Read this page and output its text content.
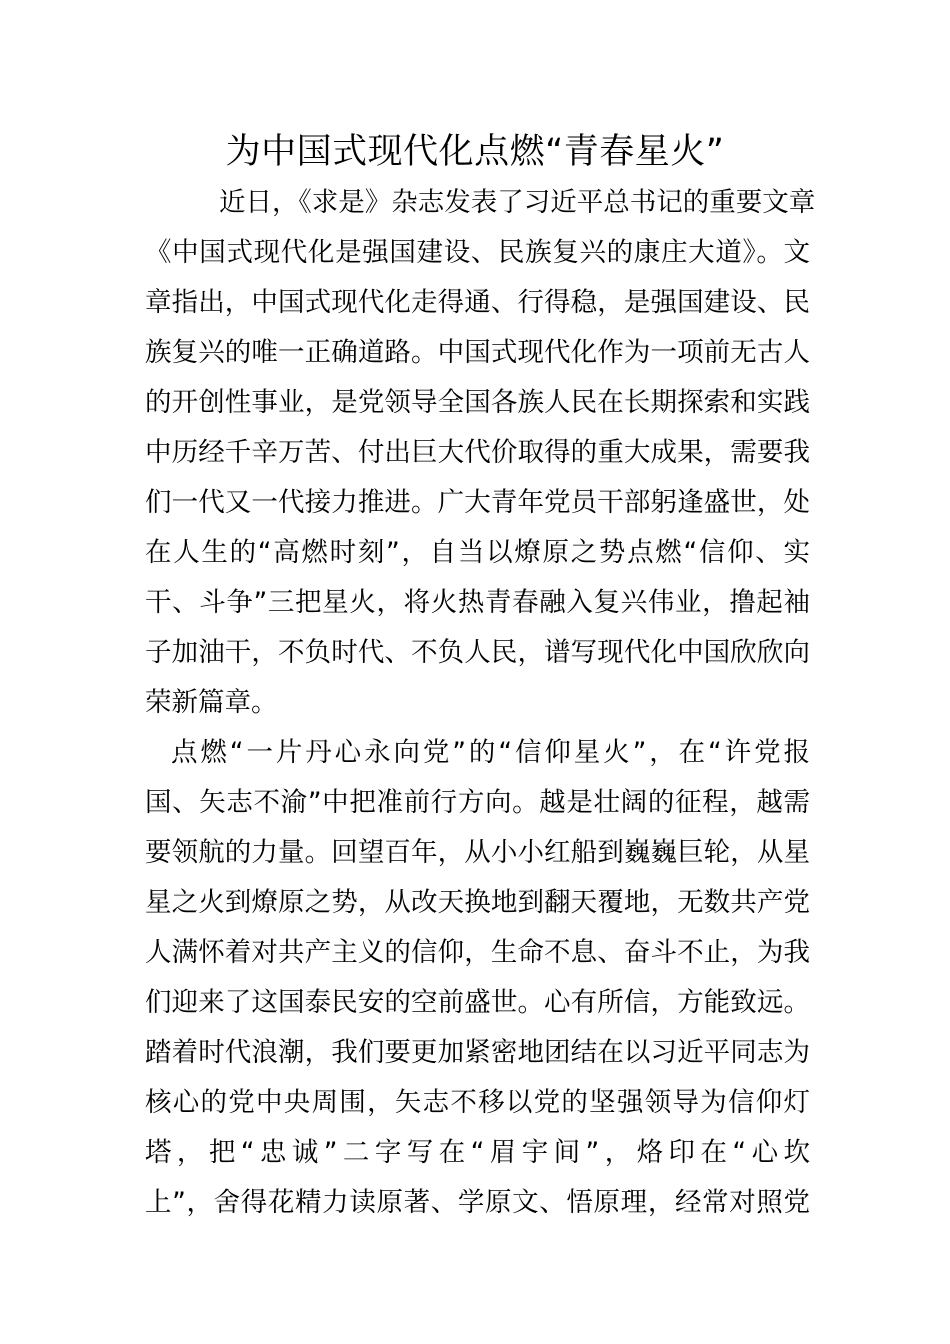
为中国式现代化点燃“青春星火”
近日，《求是》杂志发表了习近平总书记的重要文章
《中国式现代化是强国建设、民族复兴的康庄大道》。文
章指出，中国式现代化走得通、行得稳，是强国建设、民
族复兴的唯一正确道路。中国式现代化作为一项前无古人
的开创性事业，是党领导全国各族人民在长期探索和实践
中历经千辛万苦、付出巨大代价取得的重大成果，需要我
们一代又一代接力推进。广大青年党员干部躬逢盛世，处
在人生的“高燃时刻”，自当以燎原之势点燃“信仰、实
干、斗争”三把星火，将火热青春融入复兴伟业，撸起袖
子加油干，不负时代、不负人民，谱写现代化中国欣欣向
荣新篇章。
点燃“一片丹心永向党”的“信仰星火”，在“许党报
国、矢志不渝”中把准前行方向。越是壮阔的征程，越需
要领航的力量。回望百年，从小小红船到巍巍巨轮，从星
星之火到燎原之势，从改天换地到翻天覆地，无数共产党
人满怀着对共产主义的信仰，生命不息、奋斗不止，为我
们迎来了这国泰民安的空前盛世。心有所信，方能致远。
踏着时代浪潮，我们要更加紧密地团结在以习近平同志为
核心的党中央周围，矢志不移以党的坚强领导为信仰灯
塔，把“忠诚”二字写在“眉宇间”，烙印在“心坎
上”，舍得花精力读原著、学原文、悟原理，经常对照党
